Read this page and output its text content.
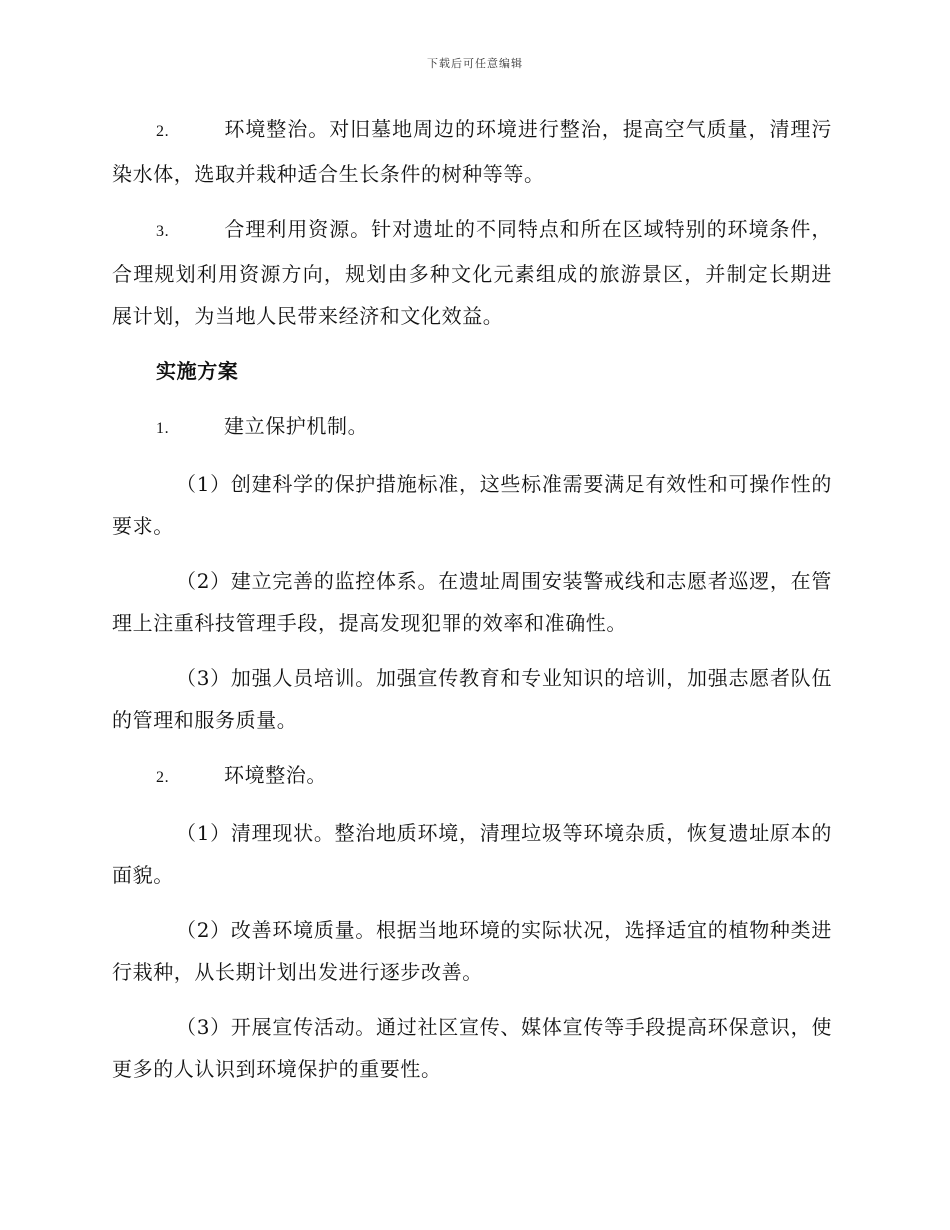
下载后可任意编辑

2.	环境整治。对旧墓地周边的环境进行整治，提高空气质量，清理污染水体，选取并栽种适合生长条件的树种等等。

3.	合理利用资源。针对遗址的不同特点和所在区域特别的环境条件，合理规划利用资源方向，规划由多种文化元素组成的旅游景区，并制定长期进展计划，为当地人民带来经济和文化效益。

实施方案

1.	建立保护机制。

（1）创建科学的保护措施标准，这些标准需要满足有效性和可操作性的要求。

（2）建立完善的监控体系。在遗址周围安装警戒线和志愿者巡逻，在管理上注重科技管理手段，提高发现犯罪的效率和准确性。

（3）加强人员培训。加强宣传教育和专业知识的培训，加强志愿者队伍的管理和服务质量。

2.	环境整治。

（1）清理现状。整治地质环境，清理垃圾等环境杂质，恢复遗址原本的面貌。

（2）改善环境质量。根据当地环境的实际状况，选择适宜的植物种类进行栽种，从长期计划出发进行逐步改善。

（3）开展宣传活动。通过社区宣传、媒体宣传等手段提高环保意识，使更多的人认识到环境保护的重要性。
